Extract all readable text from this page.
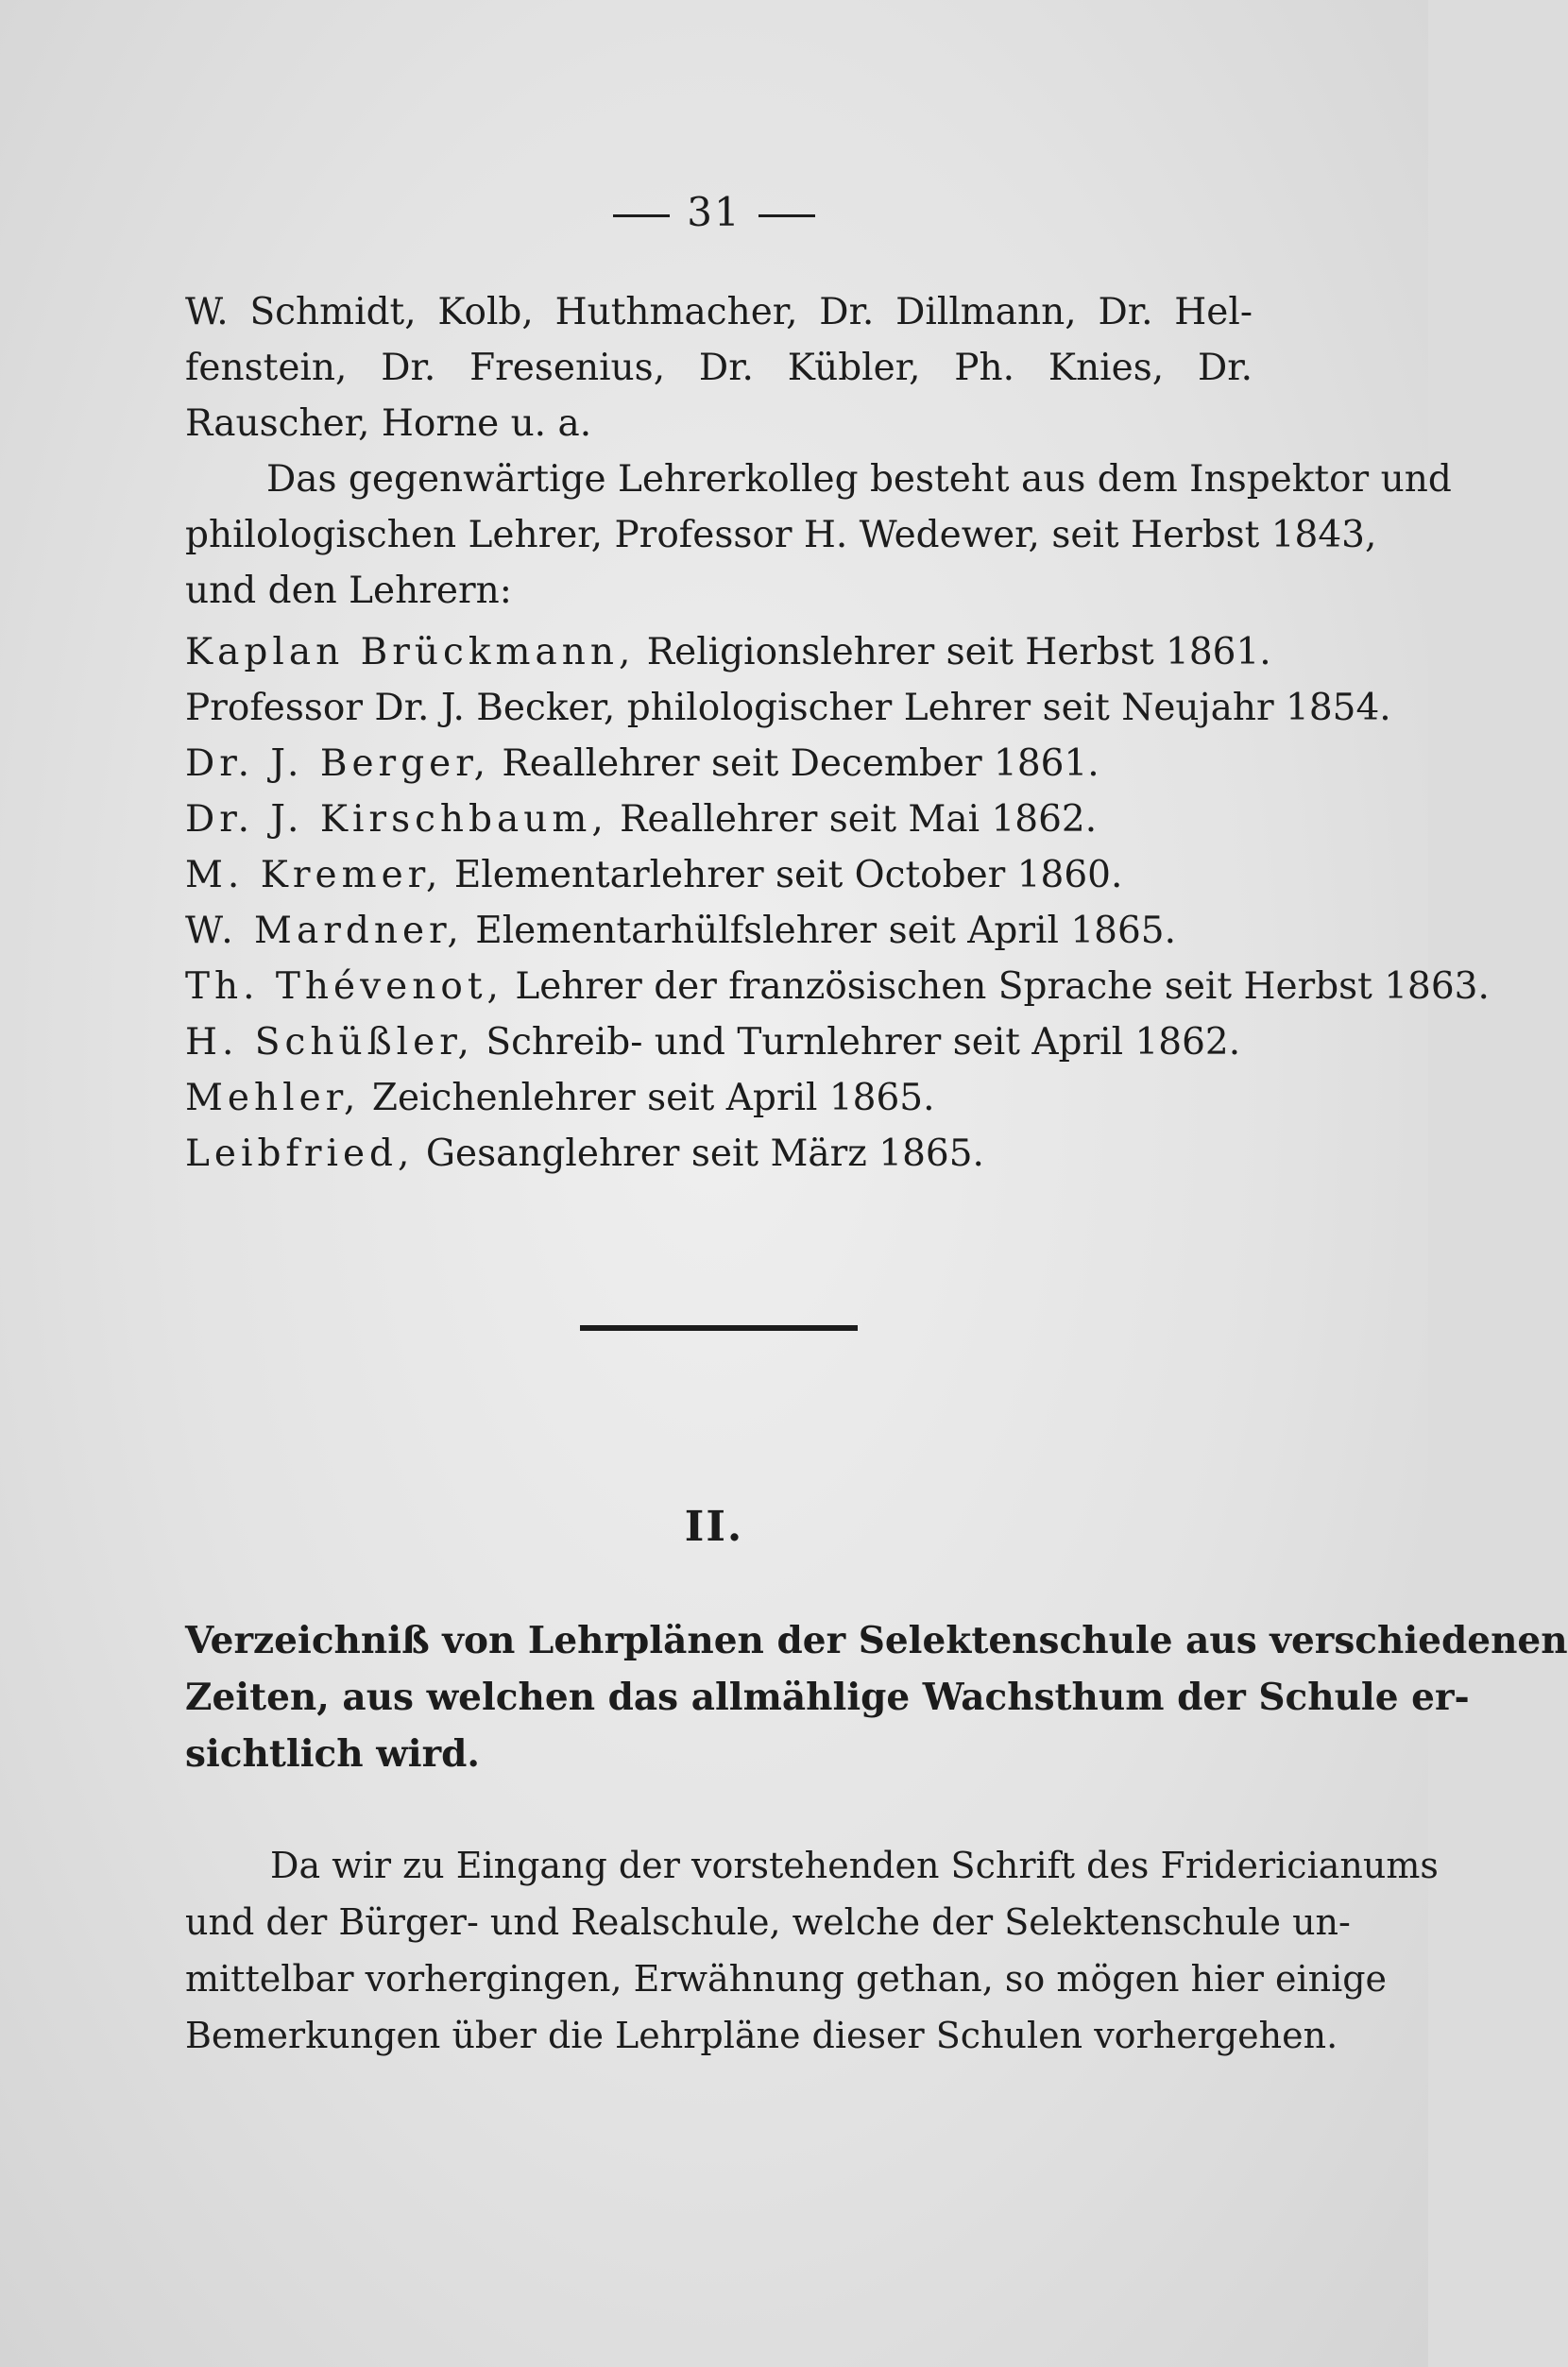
31
W. Schmidt, Kolb, Huthmacher, Dr. Dillmann, Dr. Hel-
fenstein, Dr. Fresenius, Dr. Kübler, Ph. Knies, Dr.
Rauscher, Horne u. a.
Das gegenwärtige Lehrerkolleg besteht aus dem Inspektor und
philologischen Lehrer, Professor H. Wedewer, seit Herbst 1843,
und den Lehrern:
Kaplan Brückmann, Religionslehrer seit Herbst 1861.
Professor Dr. J. Becker, philologischer Lehrer seit Neujahr 1854.
Dr. J. Berger, Reallehrer seit December 1861.
Dr. J. Kirschbaum, Reallehrer seit Mai 1862.
M. Kremer, Elementarlehrer seit October 1860.
W. Mardner, Elementarhülfslehrer seit April 1865.
Th. Thévenot, Lehrer der französischen Sprache seit Herbst 1863.
H. Schüßler, Schreib- und Turnlehrer seit April 1862.
Mehler, Zeichenlehrer seit April 1865.
Leibfried, Gesanglehrer seit März 1865.
II.
Verzeichniß von Lehrplänen der Selektenschule aus verschiedenen
Zeiten, aus welchen das allmählige Wachsthum der Schule er-
sichtlich wird.
Da wir zu Eingang der vorstehenden Schrift des Fridericianums
und der Bürger- und Realschule, welche der Selektenschule un-
mittelbar vorhergingen, Erwähnung gethan, so mögen hier einige
Bemerkungen über die Lehrpläne dieser Schulen vorhergehen.
